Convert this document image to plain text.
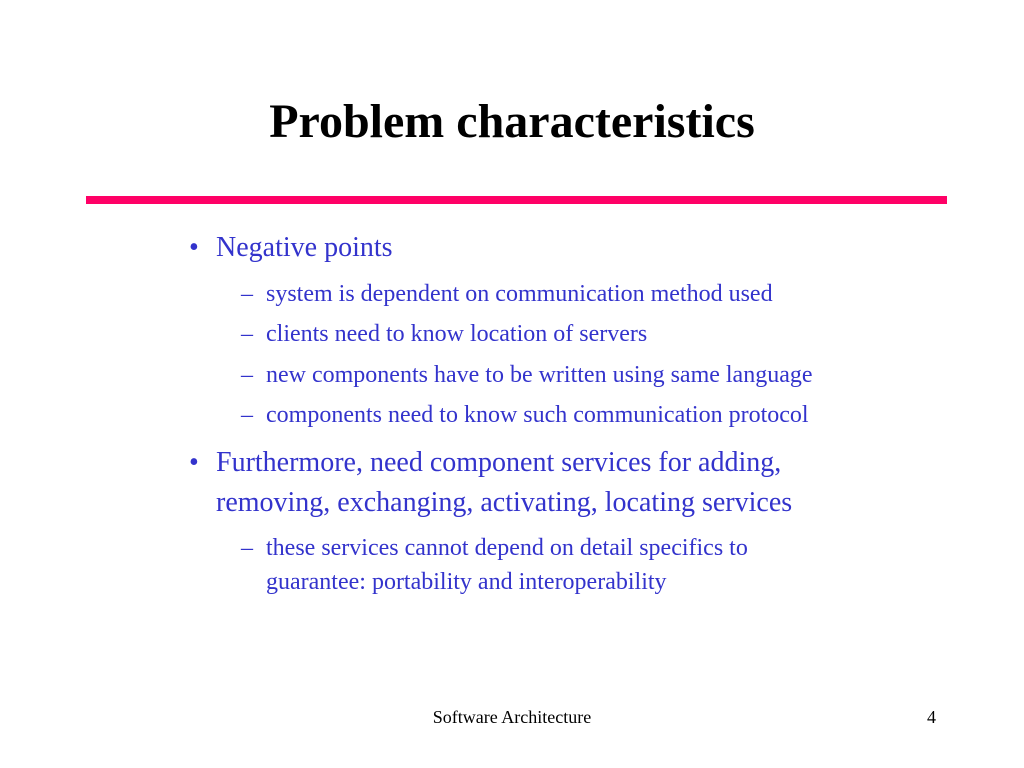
Problem characteristics
• Negative points
– system is dependent on communication method used
– clients need to know location of servers
– new components have to be written using same language
– components need to know such communication protocol
• Furthermore, need component services for adding,
removing, exchanging, activating, locating services
– these services cannot depend on detail specifics to
guarantee: portability and interoperability
Software Architecture	4
